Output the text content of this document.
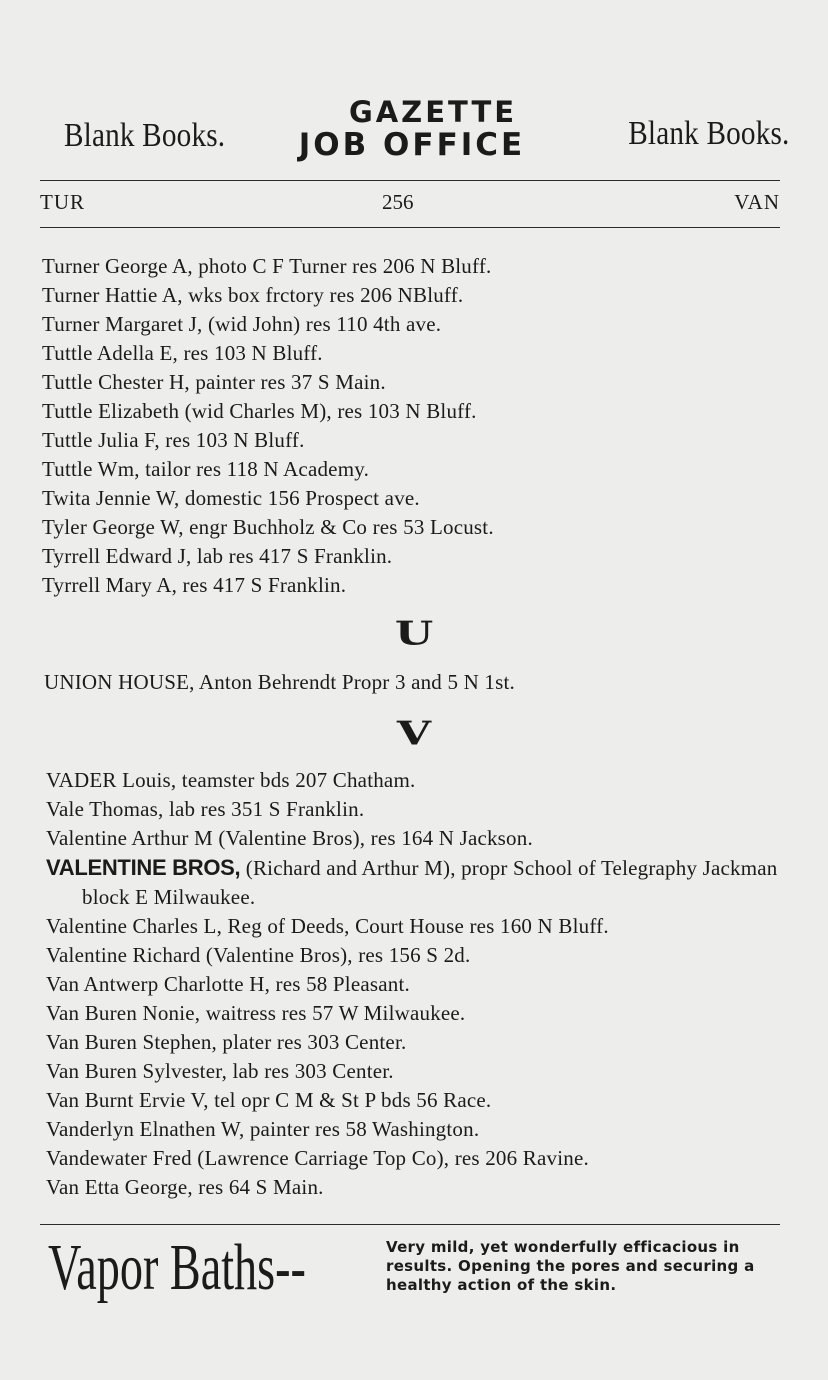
Blank Books.
GAZETTE
JOB OFFICE	Blank Books.
TUR	256	VAN
Turner George A, photo C F Turner res 206 N Bluff.
Turner Hattie A, wks box frctory res 206 NBluff.
Turner Margaret J, (wid John) res 110 4th ave.
Tuttle Adella E, res 103 N Bluff.
Tuttle Chester H, painter res 37 S Main.
Tuttle Elizabeth (wid Charles M), res 103 N Bluff.
Tuttle Julia F, res 103 N Bluff.
Tuttle Wm, tailor res 118 N Academy.
Twita Jennie W, domestic 156 Prospect ave.
Tyler George W, engr Buchholz & Co res 53 Locust.
Tyrrell Edward J, lab res 417 S Franklin.
Tyrrell Mary A, res 417 S Franklin.
U
UNION HOUSE, Anton Behrendt Propr 3 and 5 N 1st.
V
VADER Louis, teamster bds 207 Chatham.
Vale Thomas, lab res 351 S Franklin.
Valentine Arthur M (Valentine Bros), res 164 N Jackson.
VALENTINE BROS, (Richard and Arthur M), propr School of Telegraphy Jackman block E Milwaukee.
Valentine Charles L, Reg of Deeds, Court House res 160 N Bluff.
Valentine Richard (Valentine Bros), res 156 S 2d.
Van Antwerp Charlotte H, res 58 Pleasant.
Van Buren Nonie, waitress res 57 W Milwaukee.
Van Buren Stephen, plater res 303 Center.
Van Buren Sylvester, lab res 303 Center.
Van Burnt Ervie V, tel opr C M & St P bds 56 Race.
Vanderlyn Elnathen W, painter res 58 Washington.
Vandewater Fred (Lawrence Carriage Top Co), res 206 Ravine.
Van Etta George, res 64 S Main.
Vapor Baths--	Very mild, yet wonderfully efficacious in results. Opening the pores and securing a healthy action of the skin.
